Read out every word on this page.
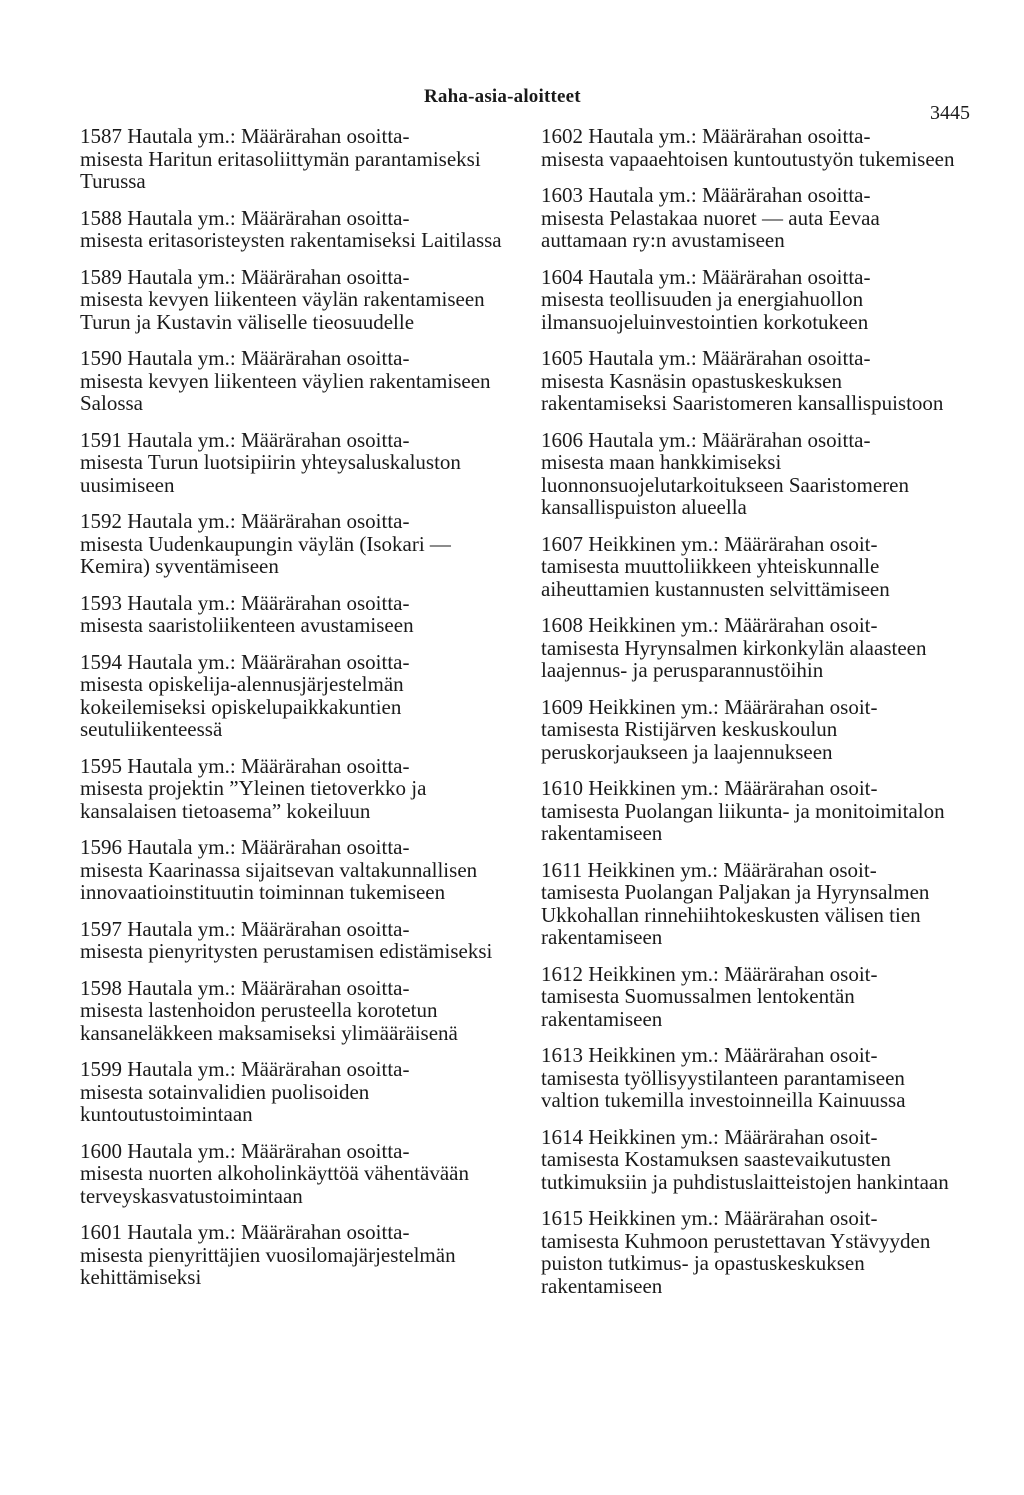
Raha-asia-aloitteet
3445
1587 Hautala ym.: Määrärahan osoitta-
misesta Haritun eritasoliittymän parantamiseksi Turussa
1588 Hautala ym.: Määrärahan osoitta-
misesta eritasoristeysten rakentamiseksi Laitilassa
1589 Hautala ym.: Määrärahan osoitta-
misesta kevyen liikenteen väylän rakentamiseen Turun ja Kustavin väliselle tieosuudelle
1590 Hautala ym.: Määrärahan osoitta-
misesta kevyen liikenteen väylien rakentamiseen Salossa
1591 Hautala ym.: Määrärahan osoitta-
misesta Turun luotsipiirin yhteysaluskaluston uusimiseen
1592 Hautala ym.: Määrärahan osoitta-
misesta Uudenkaupungin väylän (Isokari — Kemira) syventämiseen
1593 Hautala ym.: Määrärahan osoitta-
misesta saaristoliikenteen avustamiseen
1594 Hautala ym.: Määrärahan osoitta-
misesta opiskelija-alennusjärjestelmän kokeilemiseksi opiskelupaikkakuntien seutuliikenteessä
1595 Hautala ym.: Määrärahan osoitta-
misesta projektin ”Yleinen tietoverkko ja kansalaisen tietoasema” kokeiluun
1596 Hautala ym.: Määrärahan osoitta-
misesta Kaarinassa sijaitsevan valtakunnallisen innovaatioinstituutin toiminnan tukemiseen
1597 Hautala ym.: Määrärahan osoitta-
misesta pienyritysten perustamisen edistämiseksi
1598 Hautala ym.: Määrärahan osoitta-
misesta lastenhoidon perusteella korotetun kansaneläkkeen maksamiseksi ylimääräisenä
1599 Hautala ym.: Määrärahan osoitta-
misesta sotainvalidien puolisoiden kuntoutustoimintaan
1600 Hautala ym.: Määrärahan osoitta-
misesta nuorten alkoholinkäyttöä vähentävään terveyskasvatustoimintaan
1601 Hautala ym.: Määrärahan osoitta-
misesta pienyrittäjien vuosilomajärjestelmän kehittämiseksi
1602 Hautala ym.: Määrärahan osoitta-
misesta vapaaehtoisen kuntoutustyön tukemiseen
1603 Hautala ym.: Määrärahan osoitta-
misesta Pelastakaa nuoret — auta Eevaa auttamaan ry:n avustamiseen
1604 Hautala ym.: Määrärahan osoitta-
misesta teollisuuden ja energiahuollon ilmansuojeluinvestointien korkotukeen
1605 Hautala ym.: Määrärahan osoitta-
misesta Kasnäsin opastuskeskuksen rakentamiseksi Saaristomeren kansallispuistoon
1606 Hautala ym.: Määrärahan osoitta-
misesta maan hankkimiseksi luonnonsuojelutarkoitukseen Saaristomeren kansallispuiston alueella
1607 Heikkinen ym.: Määrärahan osoit-
tamisesta muuttoliikkeen yhteiskunnalle aiheuttamien kustannusten selvittämiseen
1608 Heikkinen ym.: Määrärahan osoit-
tamisesta Hyrynsalmen kirkonkylän alaasteen laajennus- ja perusparannustöihin
1609 Heikkinen ym.: Määrärahan osoit-
tamisesta Ristijärven keskuskoulun peruskorjaukseen ja laajennukseen
1610 Heikkinen ym.: Määrärahan osoit-
tamisesta Puolangan liikunta- ja monitoimitalon rakentamiseen
1611 Heikkinen ym.: Määrärahan osoit-
tamisesta Puolangan Paljakan ja Hyrynsalmen Ukkohallan rinnehiihtokeskusten välisen tien rakentamiseen
1612 Heikkinen ym.: Määrärahan osoit-
tamisesta Suomussalmen lentokentän rakentamiseen
1613 Heikkinen ym.: Määrärahan osoit-
tamisesta työllisyystilanteen parantamiseen valtion tukemilla investoinneilla Kainuussa
1614 Heikkinen ym.: Määrärahan osoit-
tamisesta Kostamuksen saastevaikutusten tutkimuksiin ja puhdistuslaitteistojen hankintaan
1615 Heikkinen ym.: Määrärahan osoit-
tamisesta Kuhmoon perustettavan Ystävyyden puiston tutkimus- ja opastuskeskuksen rakentamiseen
